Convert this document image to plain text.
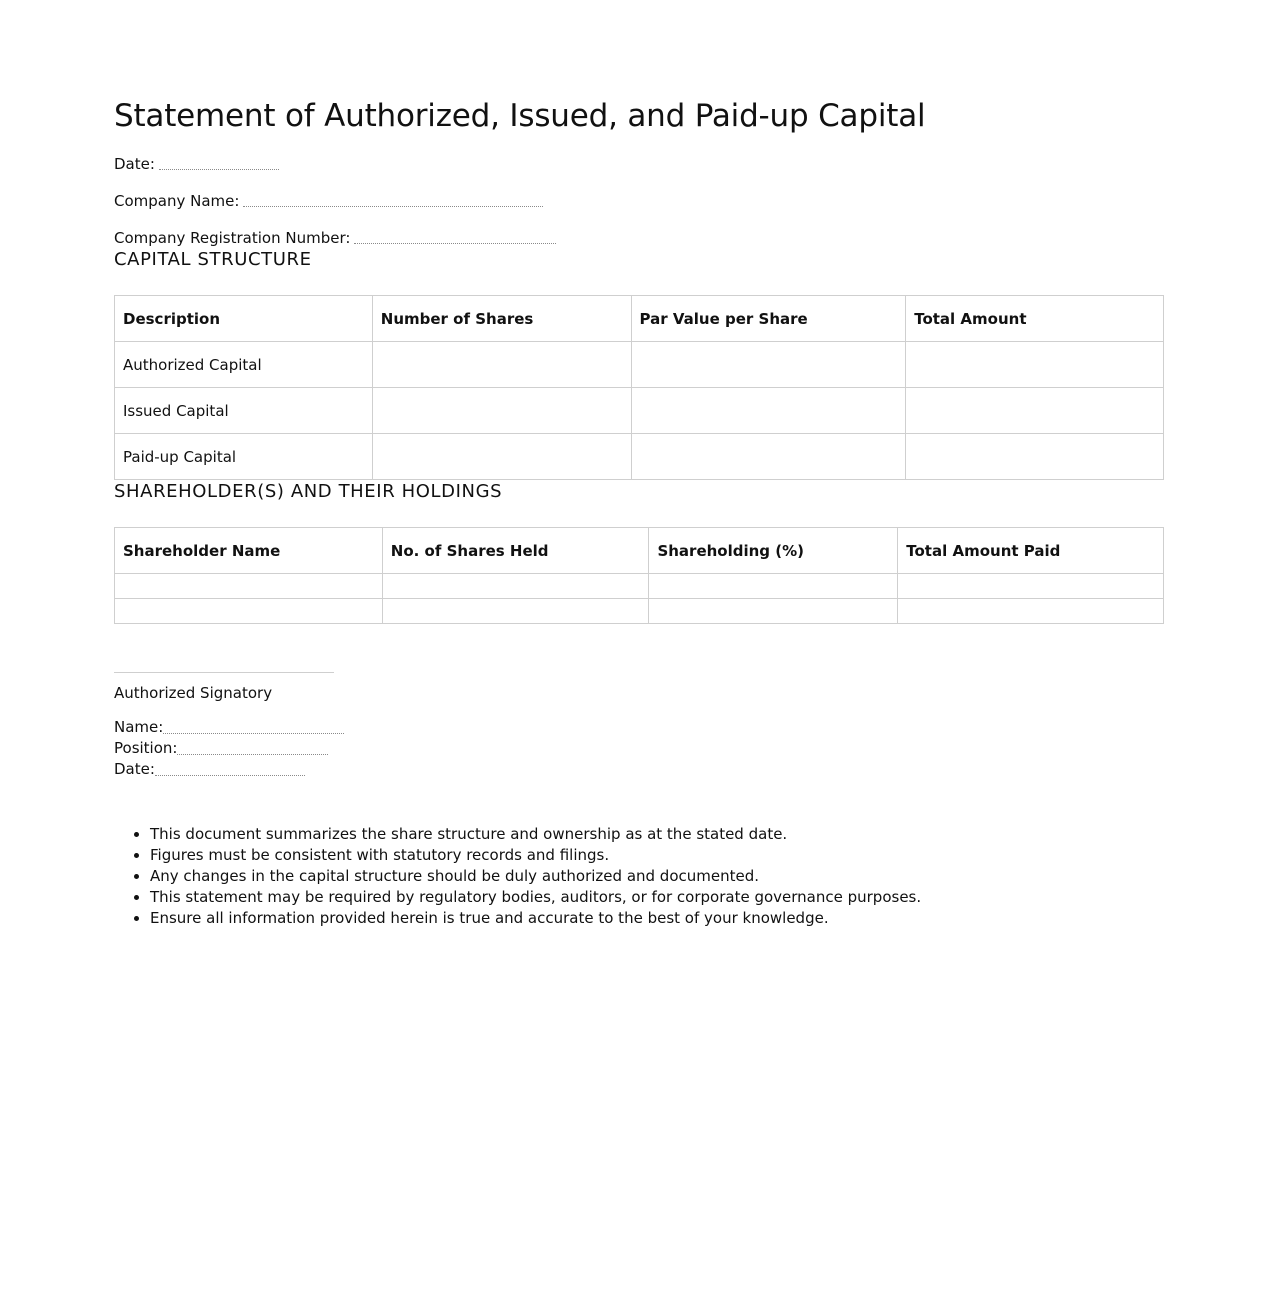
Statement of Authorized, Issued, and Paid-up Capital
Date:
Company Name:
Company Registration Number:
CAPITAL STRUCTURE
Description	Number of Shares	Par Value per Share	Total Amount
Authorized Capital			
Issued Capital			
Paid-up Capital			
SHAREHOLDER(S) AND THEIR HOLDINGS
Shareholder Name	No. of Shares Held	Shareholding (%)	Total Amount Paid

Authorized Signatory
Name:
Position:
Date:
• This document summarizes the share structure and ownership as at the stated date.
• Figures must be consistent with statutory records and filings.
• Any changes in the capital structure should be duly authorized and documented.
• This statement may be required by regulatory bodies, auditors, or for corporate governance purposes.
• Ensure all information provided herein is true and accurate to the best of your knowledge.
